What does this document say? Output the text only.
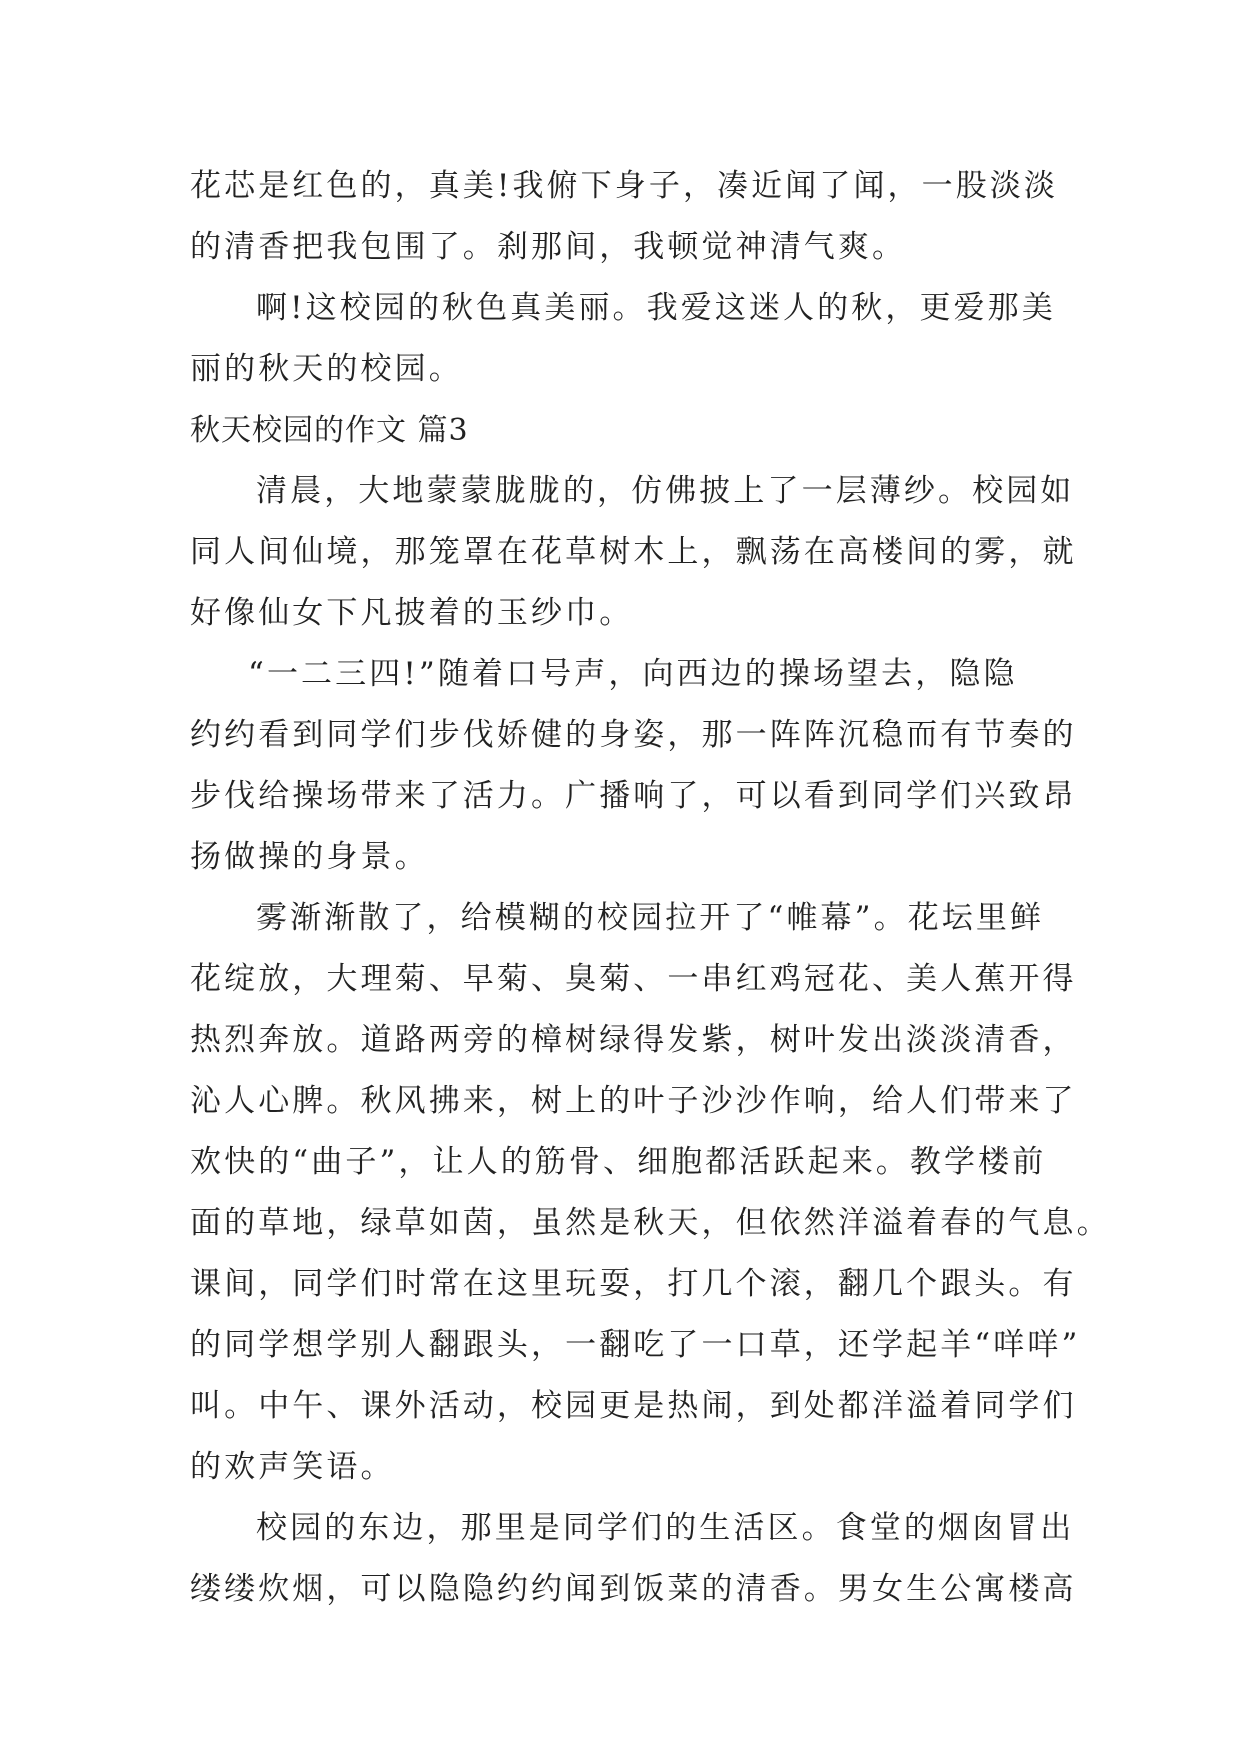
花芯是红色的，真美!我俯下身子，凑近闻了闻，一股淡淡
的清香把我包围了。刹那间，我顿觉神清气爽。
啊!这校园的秋色真美丽。我爱这迷人的秋，更爱那美
丽的秋天的校园。
秋天校园的作文 篇3
清晨，大地蒙蒙胧胧的，仿佛披上了一层薄纱。校园如
同人间仙境，那笼罩在花草树木上，飘荡在高楼间的雾，就
好像仙女下凡披着的玉纱巾。
“一二三四!”随着口号声，向西边的操场望去，隐隐
约约看到同学们步伐娇健的身姿，那一阵阵沉稳而有节奏的
步伐给操场带来了活力。广播响了，可以看到同学们兴致昂
扬做操的身景。
雾渐渐散了，给模糊的校园拉开了“帷幕”。花坛里鲜
花绽放，大理菊、早菊、臭菊、一串红鸡冠花、美人蕉开得
热烈奔放。道路两旁的樟树绿得发紫，树叶发出淡淡清香，
沁人心脾。秋风拂来，树上的叶子沙沙作响，给人们带来了
欢快的“曲子”，让人的筋骨、细胞都活跃起来。教学楼前
面的草地，绿草如茵，虽然是秋天，但依然洋溢着春的气息。
课间，同学们时常在这里玩耍，打几个滚，翻几个跟头。有
的同学想学别人翻跟头，一翻吃了一口草，还学起羊“咩咩”
叫。中午、课外活动，校园更是热闹，到处都洋溢着同学们
的欢声笑语。
校园的东边，那里是同学们的生活区。食堂的烟囱冒出
缕缕炊烟，可以隐隐约约闻到饭菜的清香。男女生公寓楼高
